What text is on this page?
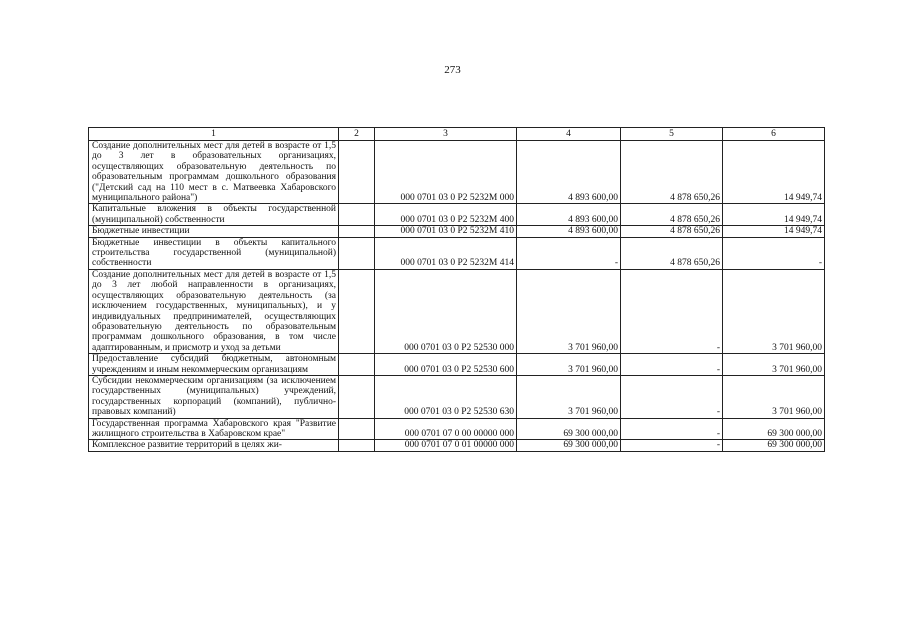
273
1	2	3	4	5	6
Создание дополнительных мест для детей в возрасте от 1,5 до 3 лет в образовательных организациях, осуществляющих образовательную деятельность по образовательным программам дошкольного образования ("Детский сад на 110 мест в с. Матвеевка Хабаровского муниципального района")		000 0701 03 0 P2 5232M 000	4 893 600,00	4 878 650,26	14 949,74
Капитальные вложения в объекты государственной (муниципальной) собственности		000 0701 03 0 P2 5232M 400	4 893 600,00	4 878 650,26	14 949,74
Бюджетные инвестиции		000 0701 03 0 P2 5232M 410	4 893 600,00	4 878 650,26	14 949,74
Бюджетные инвестиции в объекты капитального строительства государственной (муниципальной) собственности		000 0701 03 0 P2 5232M 414	-	4 878 650,26	-
Создание дополнительных мест для детей в возрасте от 1,5 до 3 лет любой направленности в организациях, осуществляющих образовательную деятельность (за исключением государственных, муниципальных), и у индивидуальных предпринимателей, осуществляющих образовательную деятельность по образовательным программам дошкольного образования, в том числе адаптированным, и присмотр и уход за детьми		000 0701 03 0 P2 52530 000	3 701 960,00	-	3 701 960,00
Предоставление субсидий бюджетным, автономным учреждениям и иным некоммерческим организациям		000 0701 03 0 P2 52530 600	3 701 960,00	-	3 701 960,00
Субсидии некоммерческим организациям (за исключением государственных (муниципальных) учреждений, государственных корпораций (компаний), публично-правовых компаний)		000 0701 03 0 P2 52530 630	3 701 960,00	-	3 701 960,00
Государственная программа Хабаровского края "Развитие жилищного строительства в Хабаровском крае"		000 0701 07 0 00 00000 000	69 300 000,00	-	69 300 000,00
Комплексное развитие территорий в целях жи-		000 0701 07 0 01 00000 000	69 300 000,00	-	69 300 000,00
